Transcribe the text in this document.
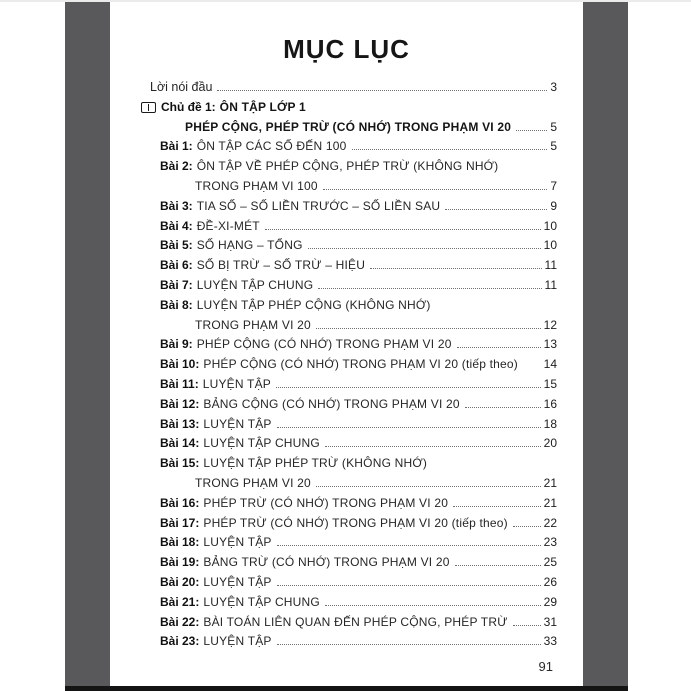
MỤC LỤC
Lời nói đầu	3
Chủ đề 1: ÔN TẬP LỚP 1
PHÉP CỘNG, PHÉP TRỪ (CÓ NHỚ) TRONG PHẠM VI 20	5
Bài 1: ÔN TẬP CÁC SỐ ĐẾN 100	5
Bài 2: ÔN TẬP VỀ PHÉP CỘNG, PHÉP TRỪ (KHÔNG NHỚ)
TRONG PHẠM VI 100	7
Bài 3: TIA SỐ – SỐ LIỀN TRƯỚC – SỐ LIỀN SAU	9
Bài 4: ĐỀ-XI-MÉT	10
Bài 5: SỐ HẠNG – TỔNG	10
Bài 6: SỐ BỊ TRỪ – SỐ TRỪ – HIỆU	11
Bài 7: LUYỆN TẬP CHUNG	11
Bài 8: LUYỆN TẬP PHÉP CỘNG (KHÔNG NHỚ)
TRONG PHẠM VI 20	12
Bài 9: PHÉP CỘNG (CÓ NHỚ) TRONG PHẠM VI 20	13
Bài 10: PHÉP CỘNG (CÓ NHỚ) TRONG PHẠM VI 20 (tiếp theo) 14
Bài 11: LUYỆN TẬP	15
Bài 12: BẢNG CỘNG (CÓ NHỚ) TRONG PHẠM VI 20	16
Bài 13: LUYỆN TẬP	18
Bài 14: LUYỆN TẬP CHUNG	20
Bài 15: LUYỆN TẬP PHÉP TRỪ (KHÔNG NHỚ)
TRONG PHẠM VI 20	21
Bài 16: PHÉP TRỪ (CÓ NHỚ) TRONG PHẠM VI 20	21
Bài 17: PHÉP TRỪ (CÓ NHỚ) TRONG PHẠM VI 20 (tiếp theo)	22
Bài 18: LUYỆN TẬP	23
Bài 19: BẢNG TRỪ (CÓ NHỚ) TRONG PHẠM VI 20	25
Bài 20: LUYỆN TẬP	26
Bài 21: LUYỆN TẬP CHUNG	29
Bài 22: BÀI TOÁN LIÊN QUAN ĐẾN PHÉP CỘNG, PHÉP TRỪ	31
Bài 23: LUYỆN TẬP	33
91
